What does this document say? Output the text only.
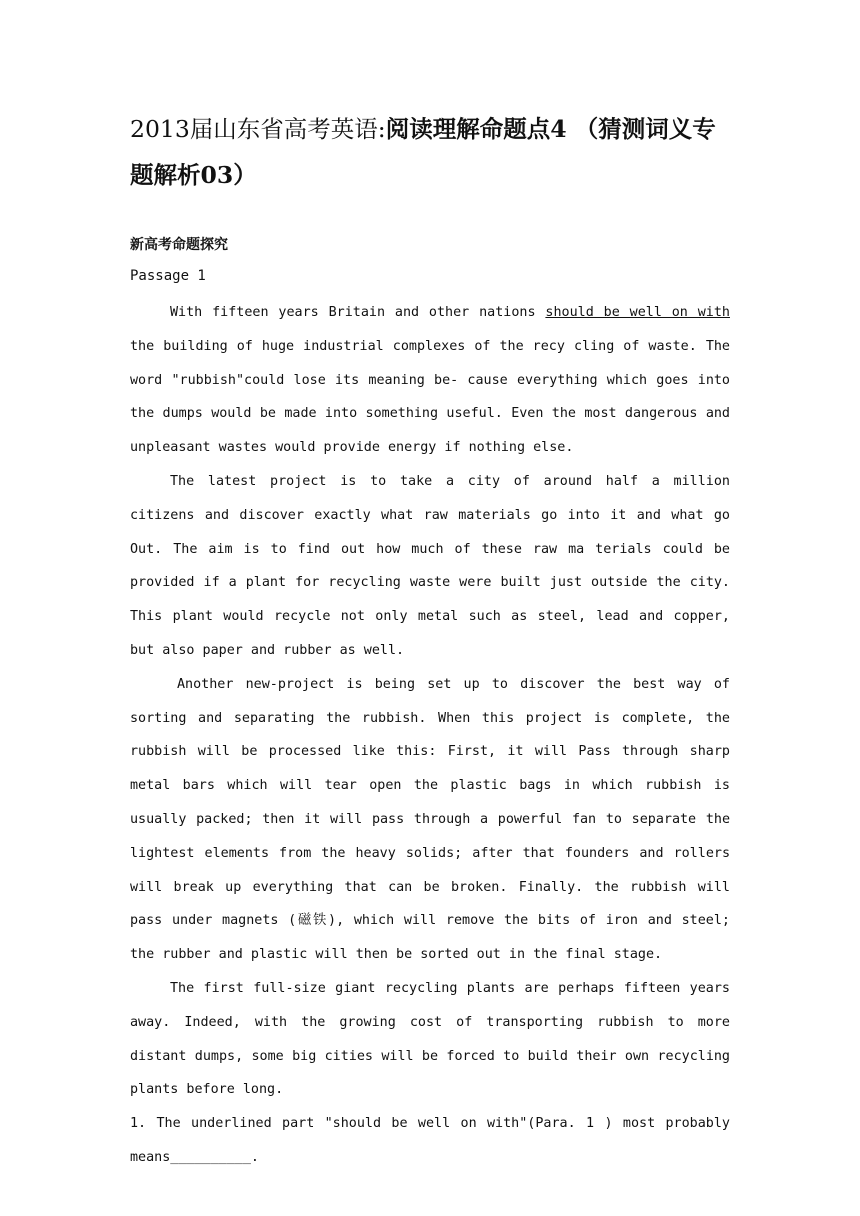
2013届山东省高考英语:阅读理解命题点4 （猜测词义专题解析03）
新高考命题探究
Passage 1

With fifteen years Britain and other nations should be well on with the building of huge industrial complexes of the recy cling of waste. The word "rubbish"could lose its meaning be- cause everything which goes into the dumps would be made into something useful. Even the most dangerous and unpleasant wastes would provide energy if nothing else.

The latest project is to take a city of around half a million citizens and discover exactly what raw materials go into it and what go Out. The aim is to find out how much of these raw ma terials could be provided if a plant for recycling waste were built just outside the city. This plant would recycle not only metal such as steel, lead and copper, but also paper and rubber as well.

Another new-project is being set up to discover the best way of sorting and separating the rubbish. When this project is complete, the rubbish will be processed like this: First, it will Pass through sharp metal bars which will tear open the plastic bags in which rubbish is usually packed; then it will pass through a powerful fan to separate the lightest elements from the heavy solids; after that founders and rollers will break up everything that can be broken. Finally. the rubbish will pass under magnets (磁铁), which will remove the bits of iron and steel; the rubber and plastic will then be sorted out in the final stage.

The first full-size giant recycling plants are perhaps fifteen years away. Indeed, with the growing cost of transporting rubbish to more distant dumps, some big cities will be forced to build their own recycling plants before long.

1. The underlined part "should be well on with"(Para. 1 ) most probably means__________.
